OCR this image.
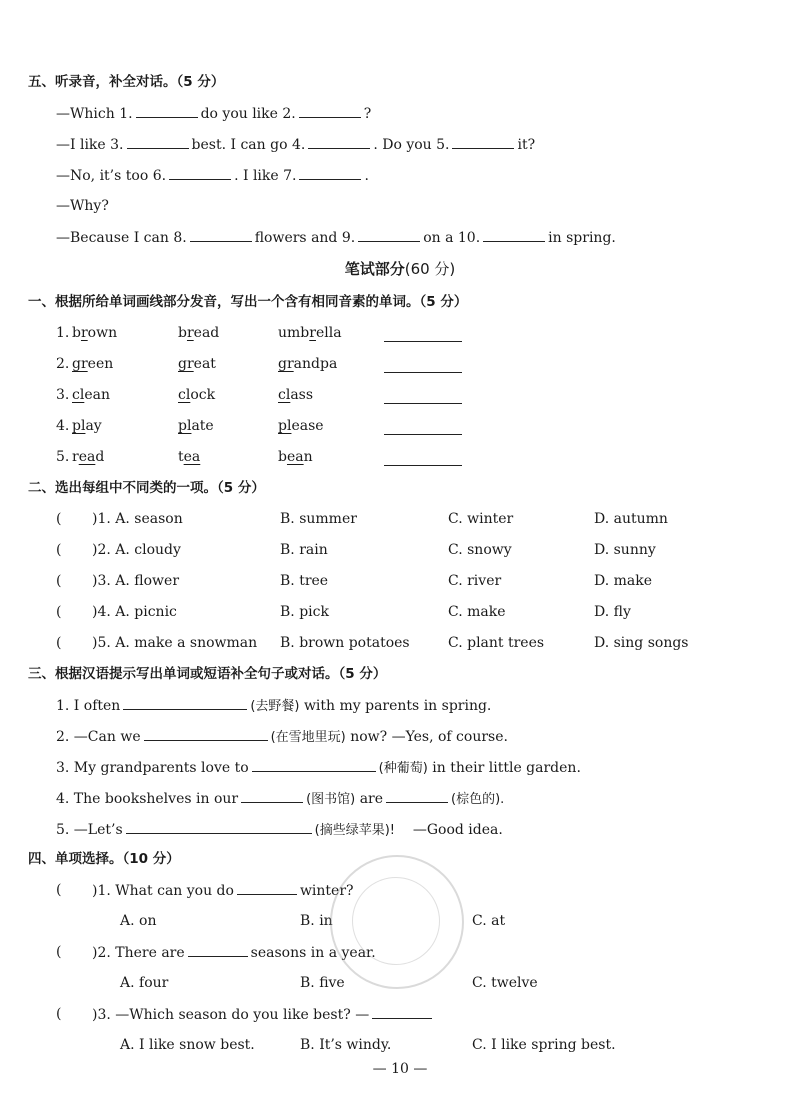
五、听录音，补全对话。（5 分）
—Which 1.	do you like 2.	?
—I like 3.	best. I can go 4.	. Do you 5.	it?
—No, it’s too 6.	. I like 7.	.
—Why?
—Because I can 8.	flowers and 9.	on a 10.	in spring.
笔试部分(60 分)
一、根据所给单词画线部分发音，写出一个含有相同音素的单词。（5 分）
1. brown	bread	umbrella
2. green	great	grandpa
3. clean	clock	class
4. play	plate	please
5. read	tea	bean
二、选出每组中不同类的一项。（5 分）
( )1. A. season	B. summer	C. winter	D. autumn
( )2. A. cloudy	B. rain	C. snowy	D. sunny
( )3. A. flower	B. tree	C. river	D. make
( )4. A. picnic	B. pick	C. make	D. fly
( )5. A. make a snowman B. brown potatoes	C. plant trees	D. sing songs
三、根据汉语提示写出单词或短语补全句子或对话。（5 分）
1. I often	(去野餐) with my parents in spring.
2. —Can we	(在雪地里玩) now? —Yes, of course.
3. My grandparents love to	(种葡萄) in their little garden.
4. The bookshelves in our	(图书馆) are	(棕色的).
5. —Let’s	(摘些绿苹果)! —Good idea.
四、单项选择。（10 分）
( )1. What can you do	winter?
A. on	B. in	C. at
( )2. There are	seasons in a year.
A. four	B. five	C. twelve
( )3. —Which season do you like best? —
A. I like snow best.	B. It’s windy.	C. I like spring best.
— 10 —
